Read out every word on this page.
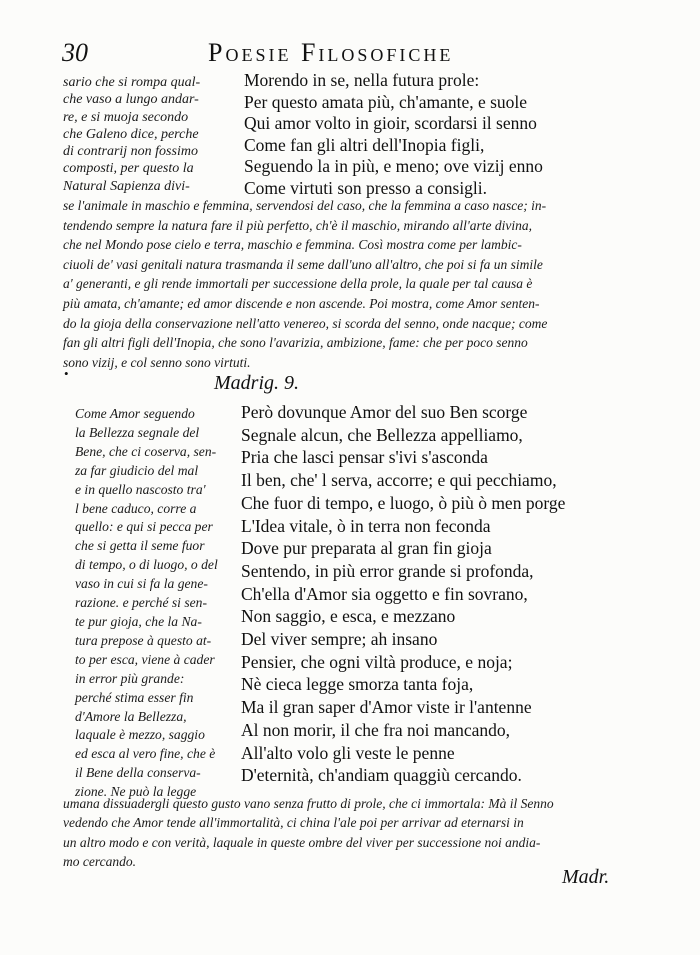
30	Poesie Filosofiche
sario che si rompa qual-
che vaso a lungo andar-
re, e si muoja secondo
che Galeno dice, perche
di contrarij non fossimo
composti, per questo la
Natural Sapienza divi-
Morendo in se, nella futura prole:
Per questo amata più, ch'amante, e suole
Qui amor volto in gioir, scordarsi il senno
Come fan gli altri dell'Inopia figli,
Seguendo la in più, e meno; ove vizij enno
Come virtuti son presso a consigli.
se l'animale in maschio e femmina, servendosi del caso, che la femmina a caso nasce; in-
tendendo sempre la natura fare il più perfetto, ch'è il maschio, mirando all'arte divina,
che nel Mondo pose cielo e terra, maschio e femmina. Così mostra come per lambic-
ciuoli de' vasi genitali natura trasmanda il seme dall'uno all'altro, che poi si fa un simile
a' generanti, e gli rende immortali per successione della prole, la quale per tal causa è
più amata, ch'amante; ed amor discende e non ascende. Poi mostra, come Amor senten-
do la gioja della conservazione nell'atto venereo, si scorda del senno, onde nacque; come
fan gli altri figli dell'Inopia, che sono l'avarizia, ambizione, fame: che per poco senno
sono vizij, e col senno sono virtuti.
•	Madrig. 9.
Come Amor seguendo
la Bellezza segnale del
Bene, che ci coserva, sen-
za far giudicio del mal
e in quello nascosto tra'
l bene caduco, corre a
quello: e qui si pecca per
che si getta il seme fuor
di tempo, o di luogo, o del
vaso in cui si fa la gene-
razione. e perché si sen-
te pur gioja, che la Na-
tura prepose à questo at-
to per esca, viene à cader
in error più grande:
perché stima esser fin
d'Amore la Bellezza,
laquale è mezzo, saggio
ed esca al vero fine, che è
il Bene della conserva-
zione. Ne può la legge
Però dovunque Amor del suo Ben scorge
Segnale alcun, che Bellezza appelliamo,
Pria che lasci pensar s'ivi s'asconda
Il ben, che' l serva, accorre; e qui pecchiamo,
Che fuor di tempo, e luogo, ò più ò men porge
L'Idea vitale, ò in terra non feconda
Dove pur preparata al gran fin gioja
Sentendo, in più error grande si profonda,
Ch'ella d'Amor sia oggetto e fin sovrano,
Non saggio, e esca, e mezzano
Del viver sempre; ah insano
Pensier, che ogni viltà produce, e noja;
Nè cieca legge smorza tanta foja,
Ma il gran saper d'Amor viste ir l'antenne
Al non morir, il che fra noi mancando,
All'alto volo gli veste le penne
D'eternità, ch'andiam quaggiù cercando.
umana dissuadergli questo gusto vano senza frutto di prole, che ci immortala: Mà il Senno
vedendo che Amor tende all'immortalità, ci china l'ale poi per arrivar ad eternarsi in
un altro modo e con verità, laquale in queste ombre del viver per successione noi andia-
mo cercando.
Madr.
